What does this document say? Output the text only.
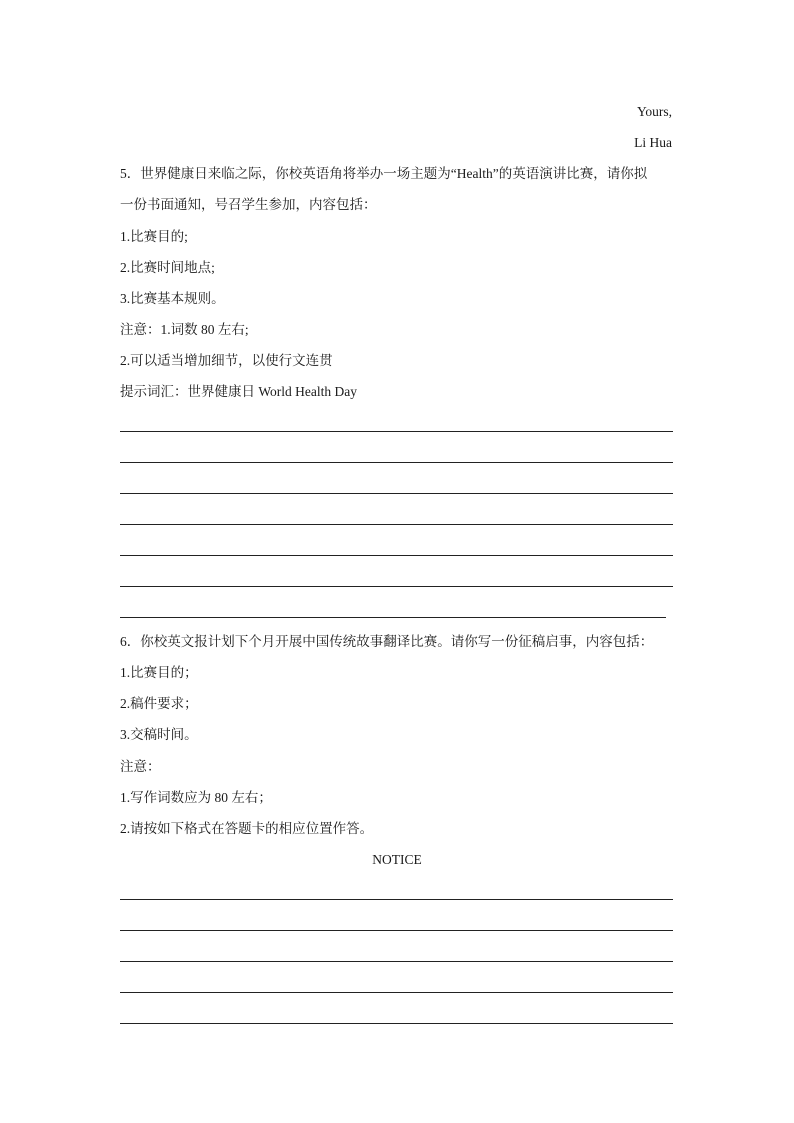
Yours,
Li Hua
5．世界健康日来临之际，你校英语角将举办一场主题为“Health”的英语演讲比赛，请你拟
一份书面通知，号召学生参加，内容包括：
1.比赛目的;
2.比赛时间地点;
3.比赛基本规则。
注意：1.词数 80 左右;
2.可以适当增加细节，以使行文连贯
提示词汇：世界健康日 World Health Day
6．你校英文报计划下个月开展中国传统故事翻译比赛。请你写一份征稿启事，内容包括：
1.比赛目的；
2.稿件要求；
3.交稿时间。
注意：
1.写作词数应为 80 左右；
2.请按如下格式在答题卡的相应位置作答。
NOTICE
